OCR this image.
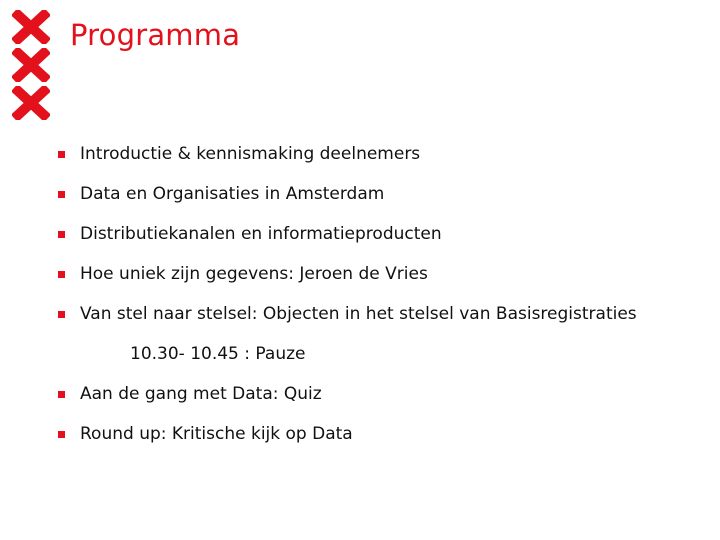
Programma
Introductie & kennismaking deelnemers
Data en Organisaties in Amsterdam
Distributiekanalen en informatieproducten
Hoe uniek zijn gegevens: Jeroen de Vries
Van stel naar stelsel: Objecten in het stelsel van Basisregistraties
10.30- 10.45 : Pauze
Aan de gang met Data: Quiz
Round up: Kritische kijk op Data
